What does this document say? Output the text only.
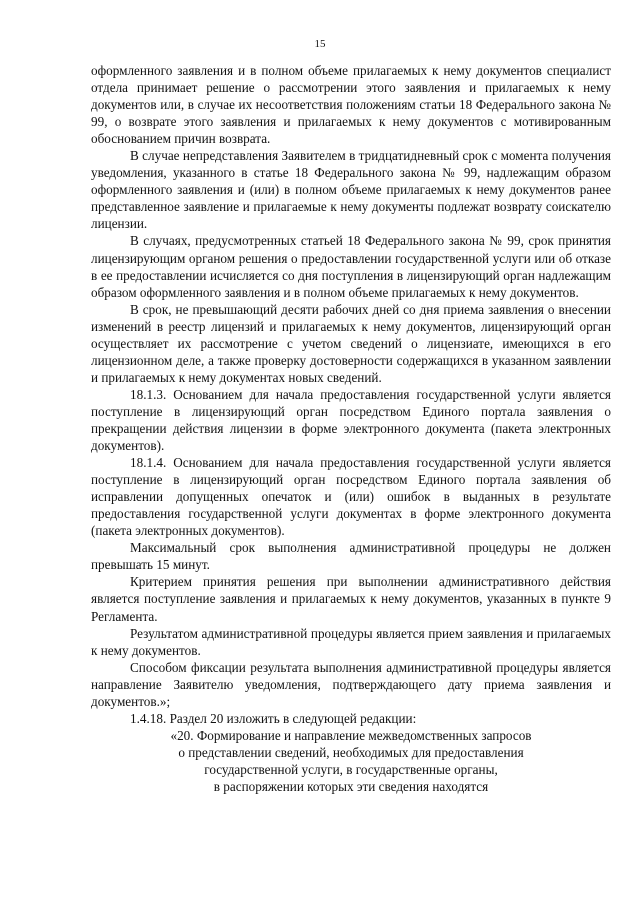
15

оформленного заявления и в полном объеме прилагаемых к нему документов специалист отдела принимает решение о рассмотрении этого заявления и прилагаемых к нему документов или, в случае их несоответствия положениям статьи 18 Федерального закона № 99, о возврате этого заявления и прилагаемых к нему документов с мотивированным обоснованием причин возврата.

В случае непредставления Заявителем в тридцатидневный срок с момента получения уведомления, указанного в статье 18 Федерального закона № 99, надлежащим образом оформленного заявления и (или) в полном объеме прилагаемых к нему документов ранее представленное заявление и прилагаемые к нему документы подлежат возврату соискателю лицензии.

В случаях, предусмотренных статьей 18 Федерального закона № 99, срок принятия лицензирующим органом решения о предоставлении государственной услуги или об отказе в ее предоставлении исчисляется со дня поступления в лицензирующий орган надлежащим образом оформленного заявления и в полном объеме прилагаемых к нему документов.

В срок, не превышающий десяти рабочих дней со дня приема заявления о внесении изменений в реестр лицензий и прилагаемых к нему документов, лицензирующий орган осуществляет их рассмотрение с учетом сведений о лицензиате, имеющихся в его лицензионном деле, а также проверку достоверности содержащихся в указанном заявлении и прилагаемых к нему документах новых сведений.

18.1.3. Основанием для начала предоставления государственной услуги является поступление в лицензирующий орган посредством Единого портала заявления о прекращении действия лицензии в форме электронного документа (пакета электронных документов).

18.1.4. Основанием для начала предоставления государственной услуги является поступление в лицензирующий орган посредством Единого портала заявления об исправлении допущенных опечаток и (или) ошибок в выданных в результате предоставления государственной услуги документах в форме электронного документа (пакета электронных документов).

Максимальный срок выполнения административной процедуры не должен превышать 15 минут.

Критерием принятия решения при выполнении административного действия является поступление заявления и прилагаемых к нему документов, указанных в пункте 9 Регламента.

Результатом административной процедуры является прием заявления и прилагаемых к нему документов.

Способом фиксации результата выполнения административной процедуры является направление Заявителю уведомления, подтверждающего дату приема заявления и документов.»;

1.4.18. Раздел 20 изложить в следующей редакции:

«20. Формирование и направление межведомственных запросов
о представлении сведений, необходимых для предоставления
государственной услуги, в государственные органы,
в распоряжении которых эти сведения находятся
